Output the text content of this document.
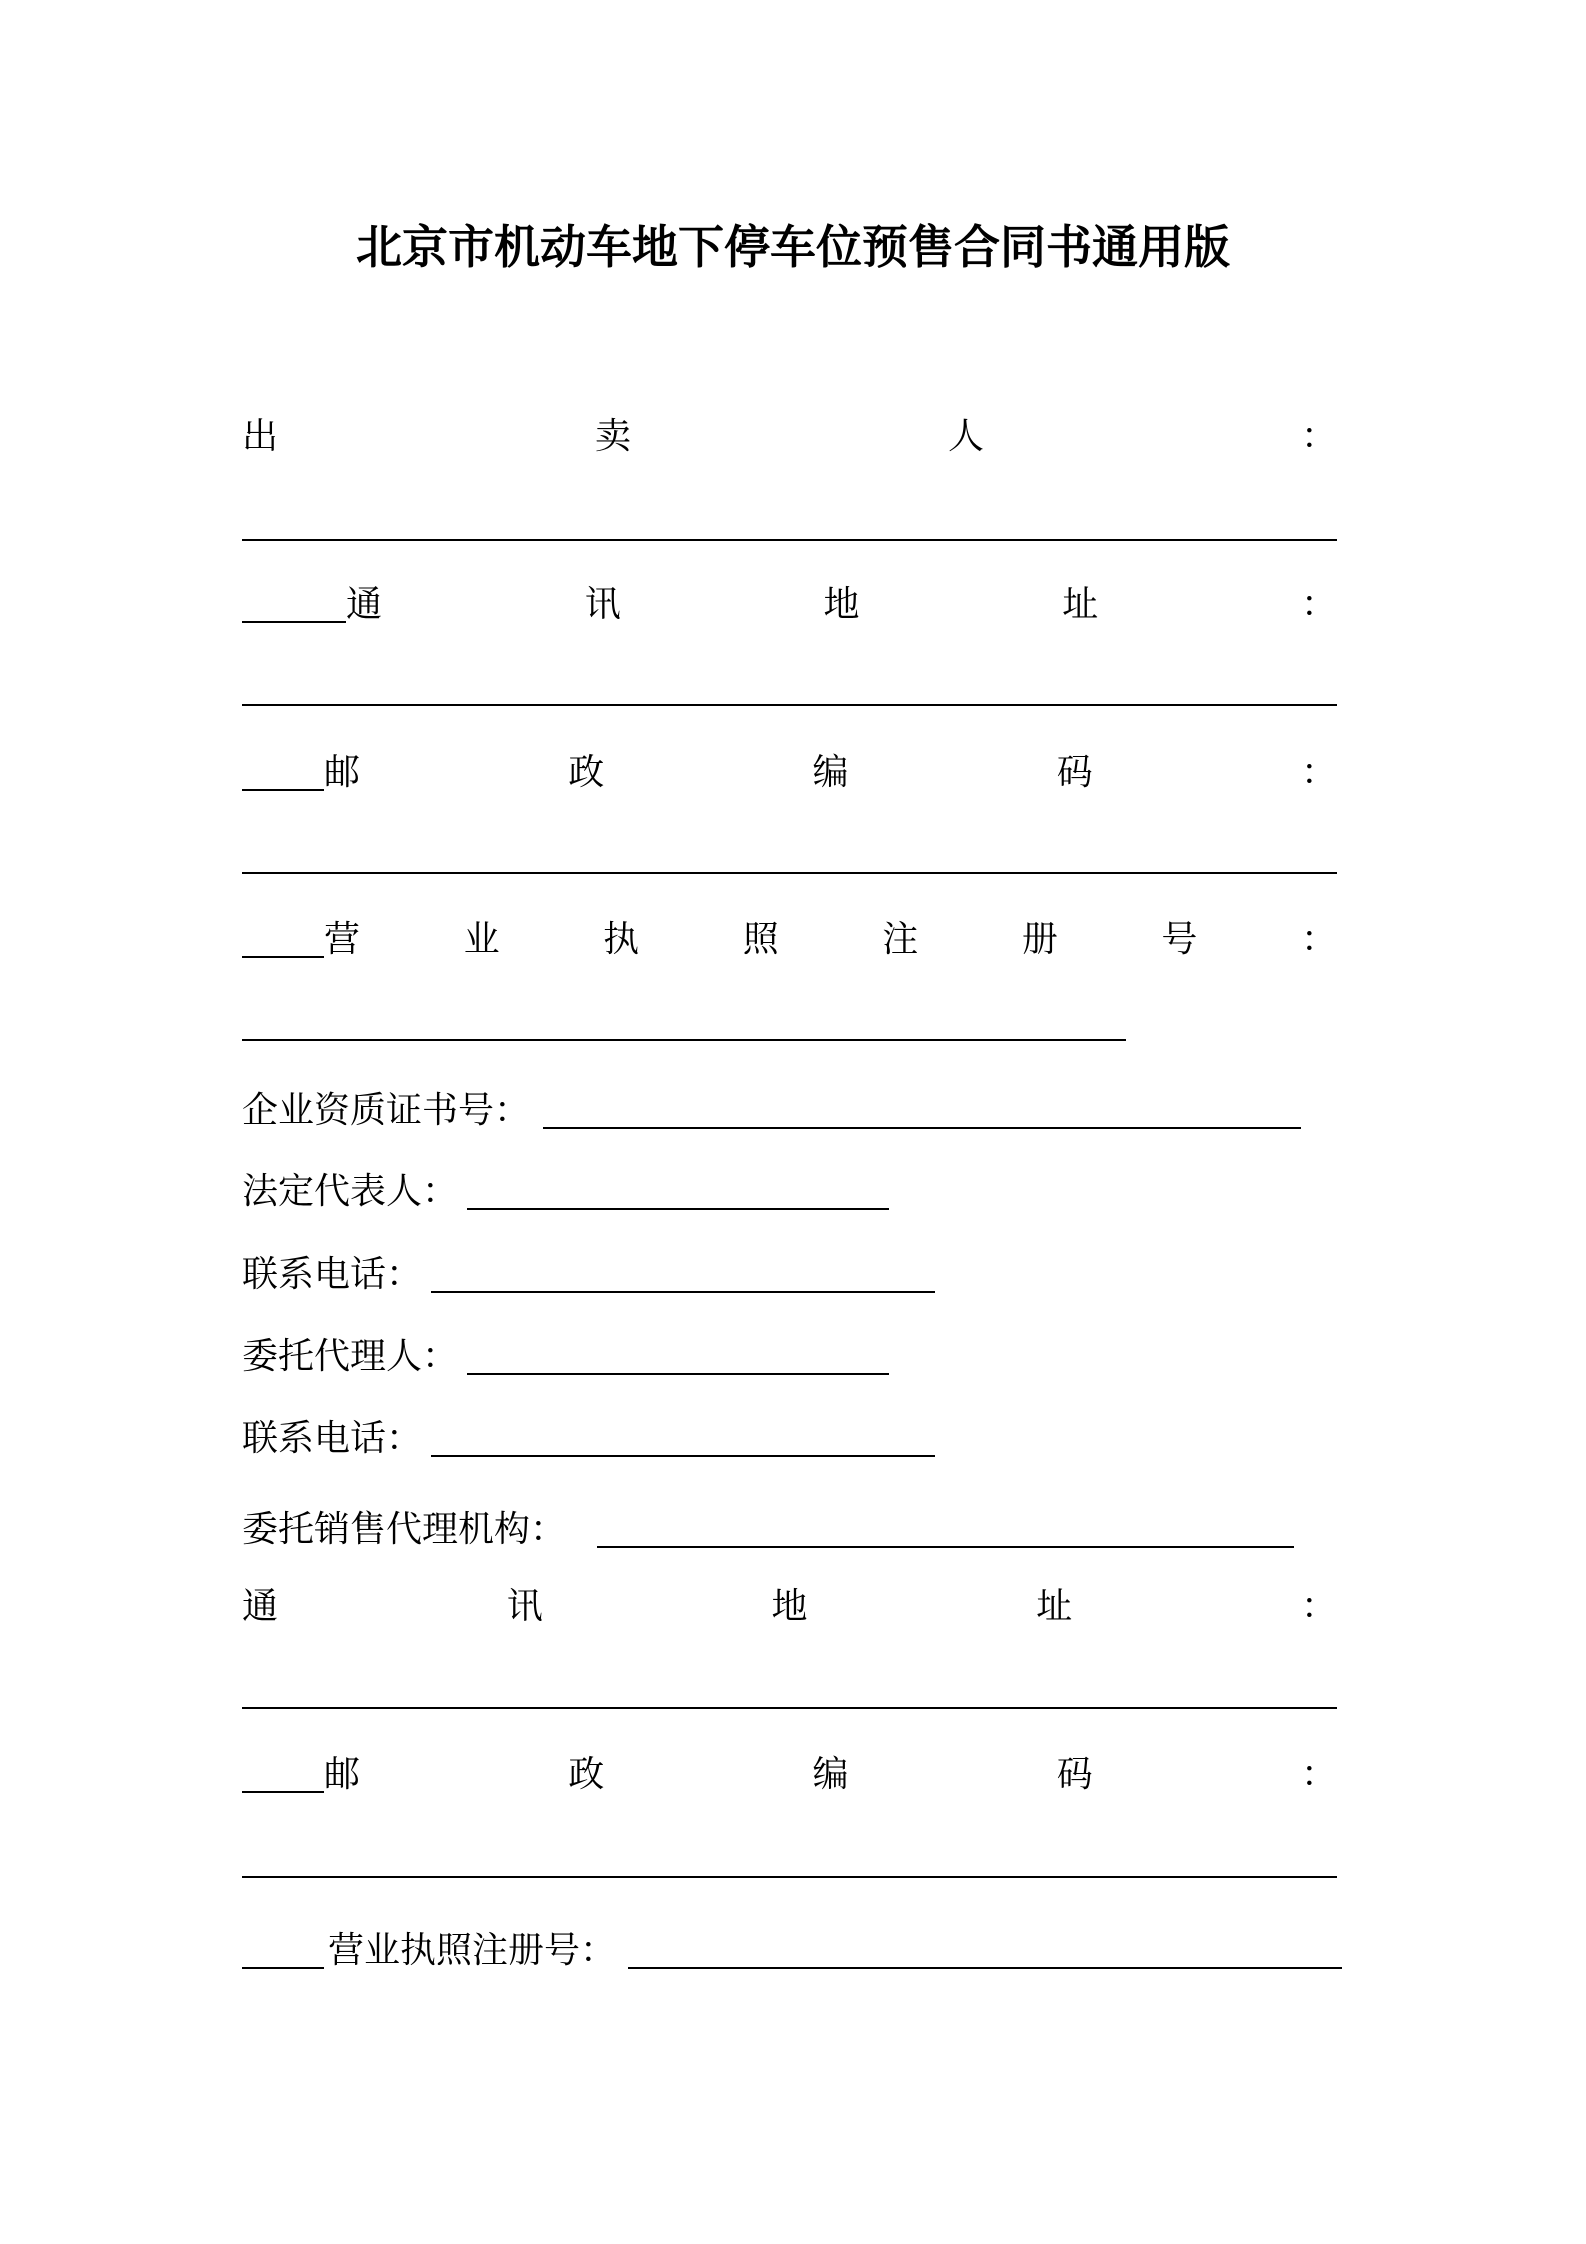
北京市机动车地下停车位预售合同书通用版
出	卖	人	：
通	讯	地	址	：
邮	政	编	码	：
营	业	执	照	注	册	号	：
企业资质证书号：
法定代表人：
联系电话：
委托代理人：
联系电话：
委托销售代理机构：
通	讯	地	址	：
邮	政	编	码	：
营业执照注册号：
